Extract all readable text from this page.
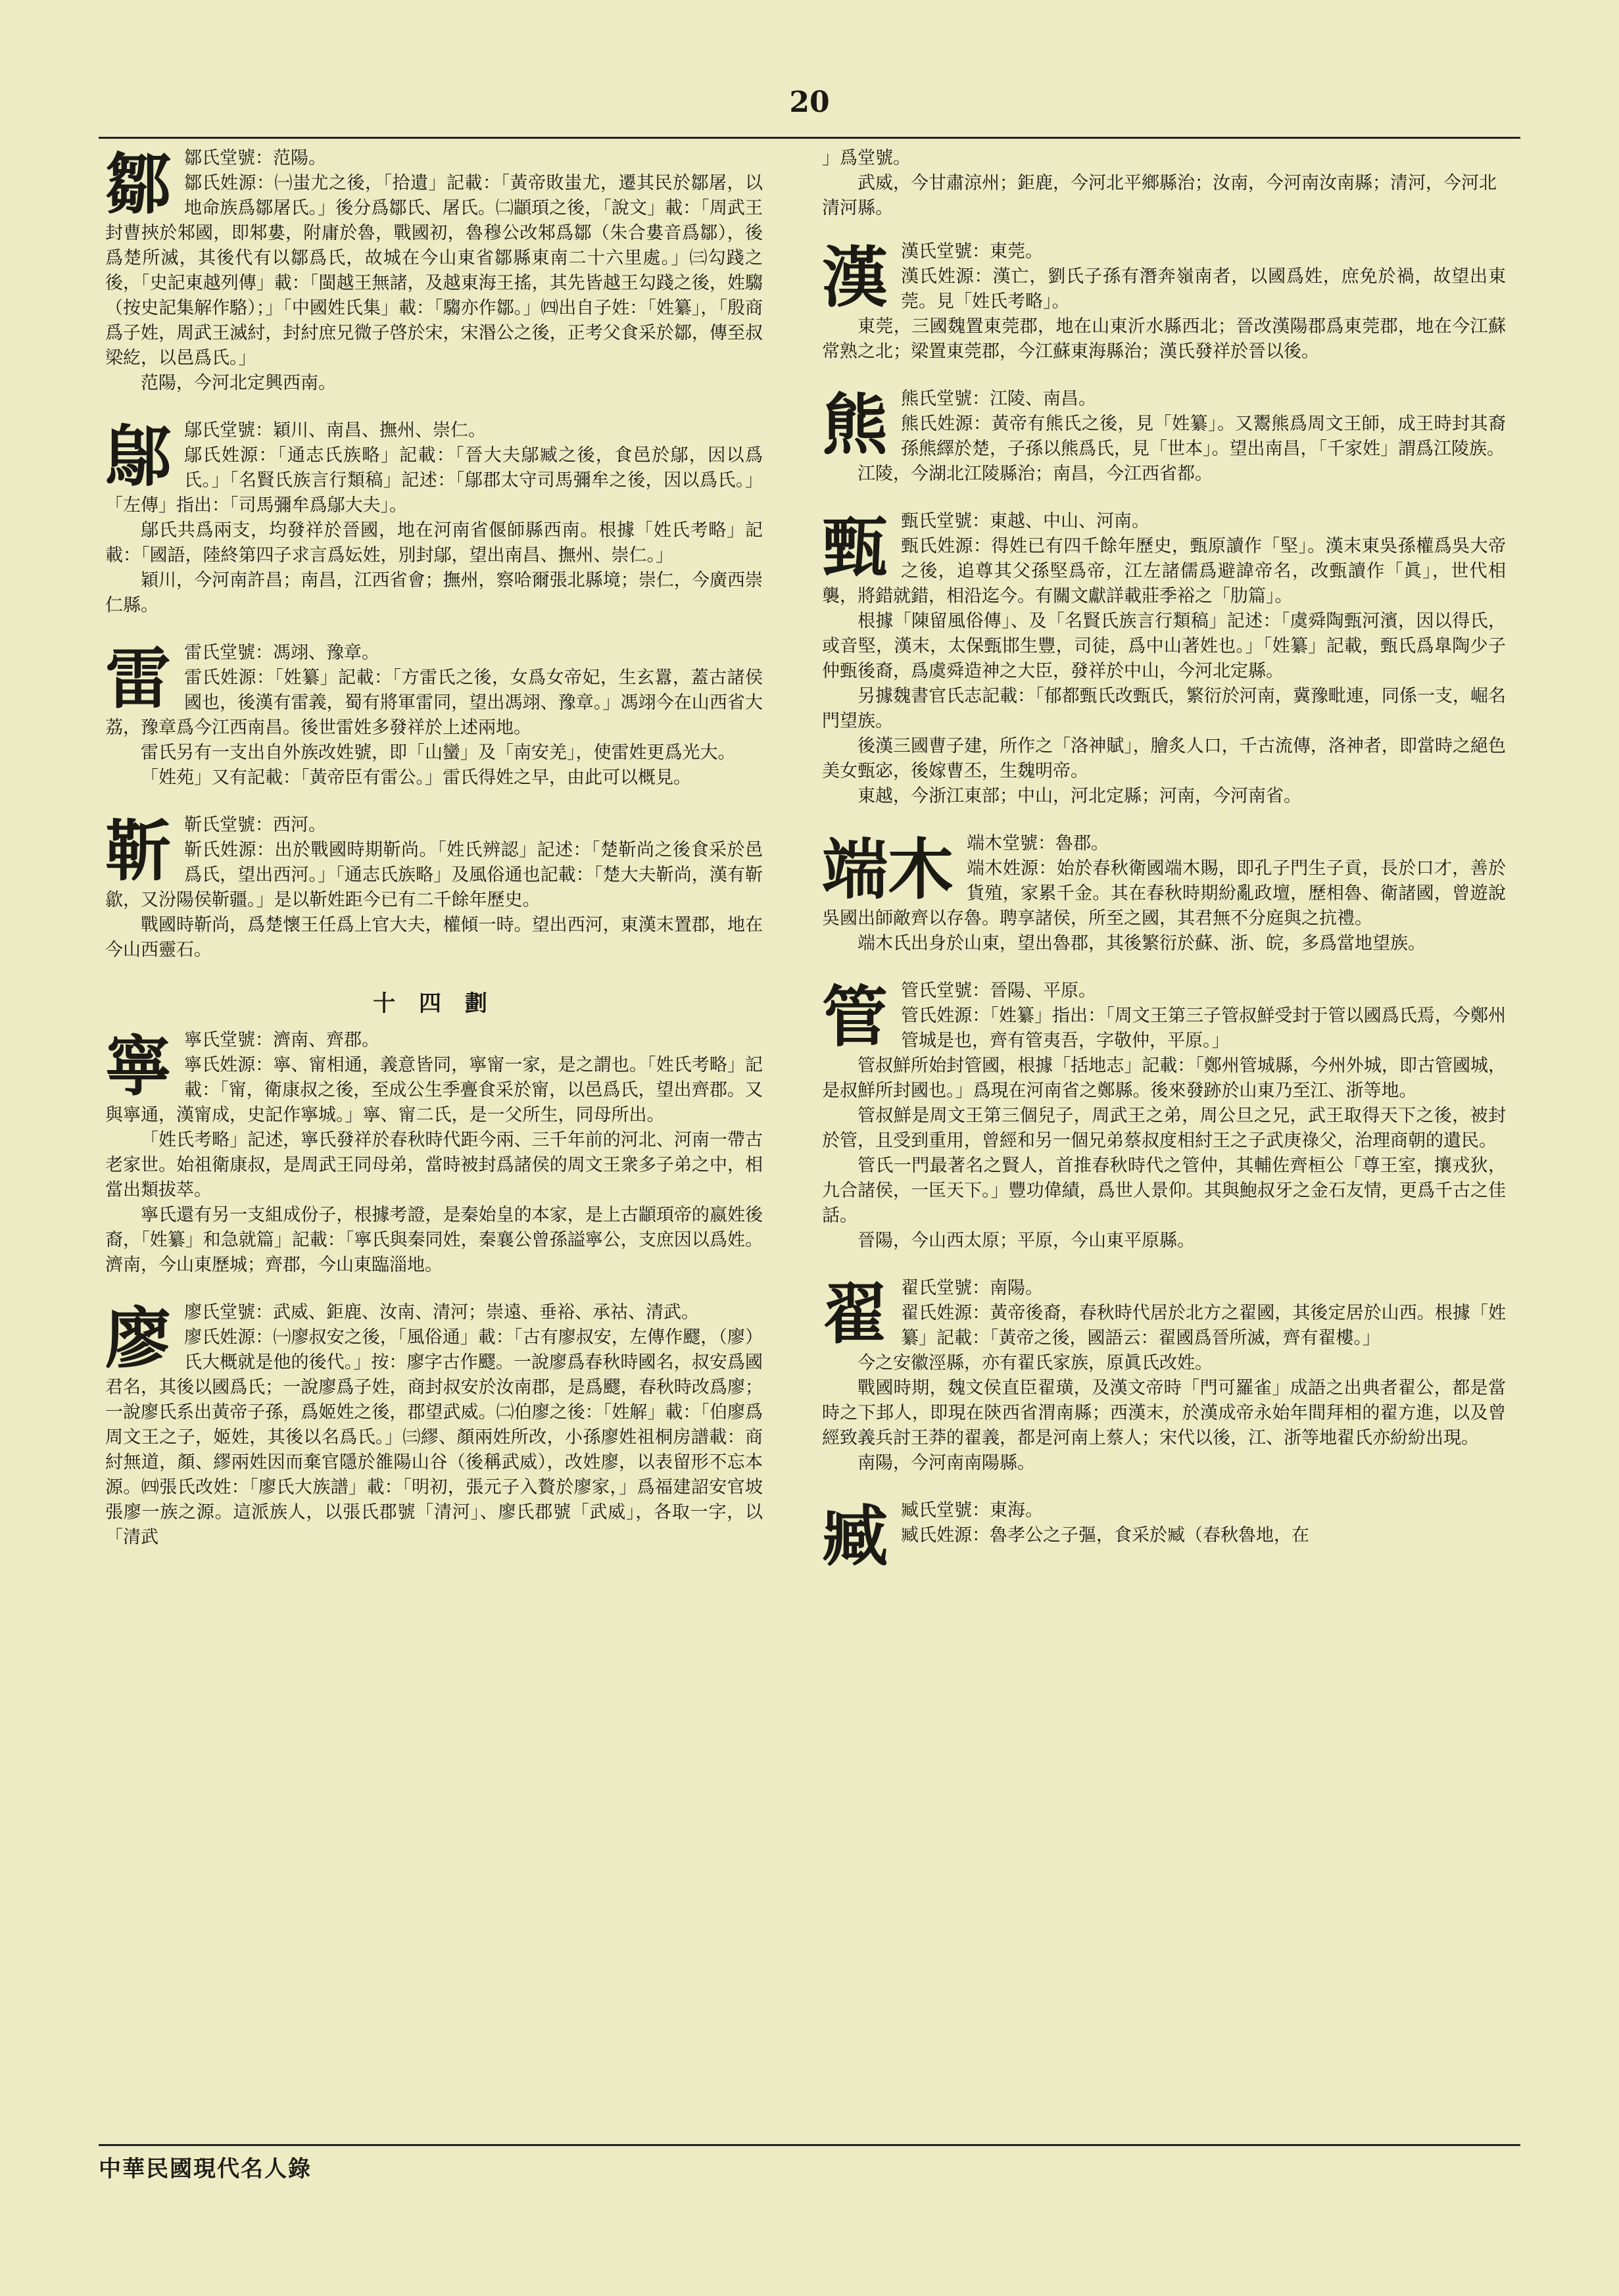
20
鄒 鄒氏堂號：范陽。

鄒氏姓源：㈠蚩尤之後，「拾遺」記載：「黃帝敗蚩尤，遷其民於鄒屠，以地命族爲鄒屠氏。」後分爲鄒氏、屠氏。㈡顓頊之後，「說文」載：「周武王封曹挾於邾國，即邾婁，附庸於魯，戰國初，魯穆公改邾爲鄒（朱合婁音爲鄒），後爲楚所滅，其後代有以鄒爲氏，故城在今山東省鄒縣東南二十六里處。」㈢勾踐之後，「史記東越列傳」載：「閩越王無諸，及越東海王搖，其先皆越王勾踐之後，姓騶（按史記集解作駱）；」「中國姓氏集」載：「騶亦作鄒。」㈣出自子姓：「姓纂」，「殷商爲子姓，周武王滅紂，封紂庶兄微子啓於宋，宋湣公之後，正考父食采於鄒，傳至叔梁紇，以邑爲氏。」

范陽，今河北定興西南。

鄔 鄔氏堂號：穎川、南昌、撫州、崇仁。

鄔氏姓源：「通志氏族略」記載：「晉大夫鄔臧之後，食邑於鄔，因以爲氏。」「名賢氏族言行類稿」記述：「鄔郡太守司馬彌牟之後，因以爲氏。」「左傳」指出：「司馬彌牟爲鄔大夫」。

鄔氏共爲兩支，均發祥於晉國，地在河南省偃師縣西南。根據「姓氏考略」記載：「國語，陸終第四子求言爲妘姓，別封鄔，望出南昌、撫州、崇仁。」

穎川，今河南許昌；南昌，江西省會；撫州，察哈爾張北縣境；崇仁，今廣西崇仁縣。

雷 雷氏堂號：馮翊、豫章。

雷氏姓源：「姓纂」記載：「方雷氏之後，女爲女帝妃，生玄囂，蓋古諸侯國也，後漢有雷義，蜀有將軍雷同，望出馮翊、豫章。」馮翊今在山西省大荔，豫章爲今江西南昌。後世雷姓多發祥於上述兩地。

雷氏另有一支出自外族改姓號，即「山蠻」及「南安羌」，使雷姓更爲光大。

「姓苑」又有記載：「黃帝臣有雷公。」雷氏得姓之早，由此可以概見。

靳 靳氏堂號：西河。

靳氏姓源：出於戰國時期靳尚。「姓氏辨認」記述：「楚靳尚之後食采於邑爲氏，望出西河。」「通志氏族略」及風俗通也記載：「楚大夫靳尚，漢有靳歙，又汾陽侯靳疆。」是以靳姓距今已有二千餘年歷史。

戰國時靳尚，爲楚懷王任爲上官大夫，權傾一時。望出西河，東漢末置郡，地在今山西靈石。

十 四 劃
寧 寧氏堂號：濟南、齊郡。

寧氏姓源：寧、甯相通，義意皆同，寧甯一家，是之謂也。「姓氏考略」記載：「甯，衛康叔之後，至成公生季亹食采於甯，以邑爲氏，望出齊郡。又與寧通，漢甯成，史記作寧城。」寧、甯二氏，是一父所生，同母所出。

「姓氏考略」記述，寧氏發祥於春秋時代距今兩、三千年前的河北、河南一帶古老家世。始祖衛康叔，是周武王同母弟，當時被封爲諸侯的周文王衆多子弟之中，相當出類拔萃。

寧氏還有另一支組成份子，根據考證，是秦始皇的本家，是上古顓頊帝的嬴姓後裔，「姓纂」和急就篇」記載：「寧氏與秦同姓，秦襄公曾孫謚寧公，支庶因以爲姓。濟南，今山東歷城；齊郡，今山東臨淄地。

廖 廖氏堂號：武威、鉅鹿、汝南、清河；崇遠、垂裕、承祜、清武。

廖氏姓源：㈠廖叔安之後，「風俗通」載：「古有廖叔安，左傳作飂，（廖）氏大概就是他的後代。」按：廖字古作飂。一說廖爲春秋時國名，叔安爲國君名，其後以國爲氏；一說廖爲子姓，商封叔安於汝南郡，是爲飂，春秋時改爲廖；一說廖氏系出黃帝子孫，爲姬姓之後，郡望武威。㈡伯廖之後：「姓解」載：「伯廖爲周文王之子，姬姓，其後以名爲氏。」㈢繆、顏兩姓所改，小孫廖姓祖桐房譜載：商紂無道，顏、繆兩姓因而棄官隱於雒陽山谷（後稱武威），改姓廖，以表留形不忘本源。㈣張氏改姓：「廖氏大族譜」載：「明初，張元子入贅於廖家，」爲福建詔安官坡張廖一族之源。這派族人，以張氏郡號「清河」、廖氏郡號「武威」，各取一字，以「清武

」爲堂號。

武威，今甘肅涼州；鉅鹿，今河北平鄉縣治；汝南，今河南汝南縣；清河，今河北清河縣。

漢 漢氏堂號：東莞。

漢氏姓源：漢亡，劉氏子孫有潛奔嶺南者，以國爲姓，庶免於禍，故望出東莞。見「姓氏考略」。

東莞，三國魏置東莞郡，地在山東沂水縣西北；晉改漢陽郡爲東莞郡，地在今江蘇常熟之北；梁置東莞郡，今江蘇東海縣治；漢氏發祥於晉以後。

熊 熊氏堂號：江陵、南昌。

熊氏姓源：黃帝有熊氏之後，見「姓纂」。又鬻熊爲周文王師，成王時封其裔孫熊繹於楚，子孫以熊爲氏，見「世本」。望出南昌，「千家姓」謂爲江陵族。

江陵，今湖北江陵縣治；南昌，今江西省都。

甄 甄氏堂號：東越、中山、河南。

甄氏姓源：得姓已有四千餘年歷史，甄原讀作「堅」。漢末東吳孫權爲吳大帝之後，追尊其父孫堅爲帝，江左諸儒爲避諱帝名，改甄讀作「眞」，世代相襲，將錯就錯，相沿迄今。有關文獻詳載莊季裕之「肋篇」。

根據「陳留風俗傳」、及「名賢氏族言行類稿」記述：「虞舜陶甄河濱，因以得氏，或音堅，漢末，太保甄邯生豐，司徒，爲中山著姓也。」「姓纂」記載，甄氏爲臯陶少子仲甄後裔，爲虞舜造神之大臣，發祥於中山，今河北定縣。

另據魏書官氏志記載：「郁都甄氏改甄氏，繁衍於河南，冀豫毗連，同係一支，崛名門望族。

後漢三國曹子建，所作之「洛神賦」，膾炙人口，千古流傳，洛神者，即當時之絕色美女甄宓，後嫁曹丕，生魏明帝。

東越，今浙江東部；中山，河北定縣；河南，今河南省。

端木 端木堂號：魯郡。

端木姓源：始於春秋衛國端木賜，即孔子門生子貢，長於口才，善於貨殖，家累千金。其在春秋時期紛亂政壇，歷相魯、衛諸國，曾遊說吳國出師敵齊以存魯。聘享諸侯，所至之國，其君無不分庭與之抗禮。

端木氏出身於山東，望出魯郡，其後繁衍於蘇、浙、皖，多爲當地望族。

管 管氏堂號：晉陽、平原。

管氏姓源：「姓纂」指出：「周文王第三子管叔鮮受封于管以國爲氏焉，今鄭州管城是也，齊有管夷吾，字敬仲，平原。」

管叔鮮所始封管國，根據「括地志」記載：「鄭州管城縣，今州外城，即古管國城，是叔鮮所封國也。」爲現在河南省之鄭縣。後來發跡於山東乃至江、浙等地。

管叔鮮是周文王第三個兒子，周武王之弟，周公旦之兄，武王取得天下之後，被封於管，且受到重用，曾經和另一個兄弟蔡叔度相紂王之子武庚祿父，治理商朝的遺民。

管氏一門最著名之賢人，首推春秋時代之管仲，其輔佐齊桓公「尊王室，攘戎狄，九合諸侯，一匡天下。」豐功偉績，爲世人景仰。其與鮑叔牙之金石友情，更爲千古之佳話。

晉陽，今山西太原；平原，今山東平原縣。

翟 翟氏堂號：南陽。

翟氏姓源：黃帝後裔，春秋時代居於北方之翟國，其後定居於山西。根據「姓纂」記載：「黃帝之後，國語云：翟國爲晉所滅，齊有翟樓。」

今之安徽涇縣，亦有翟氏家族，原眞氏改姓。

戰國時期，魏文侯直臣翟璜，及漢文帝時「門可羅雀」成語之出典者翟公，都是當時之下邽人，即現在陝西省渭南縣；西漢末，於漢成帝永始年間拜相的翟方進，以及曾經致義兵討王莽的翟義，都是河南上蔡人；宋代以後，江、浙等地翟氏亦紛紛出現。

南陽，今河南南陽縣。

臧 臧氏堂號：東海。

臧氏姓源：魯孝公之子彄，食采於臧（春秋魯地，在

中華民國現代名人錄
